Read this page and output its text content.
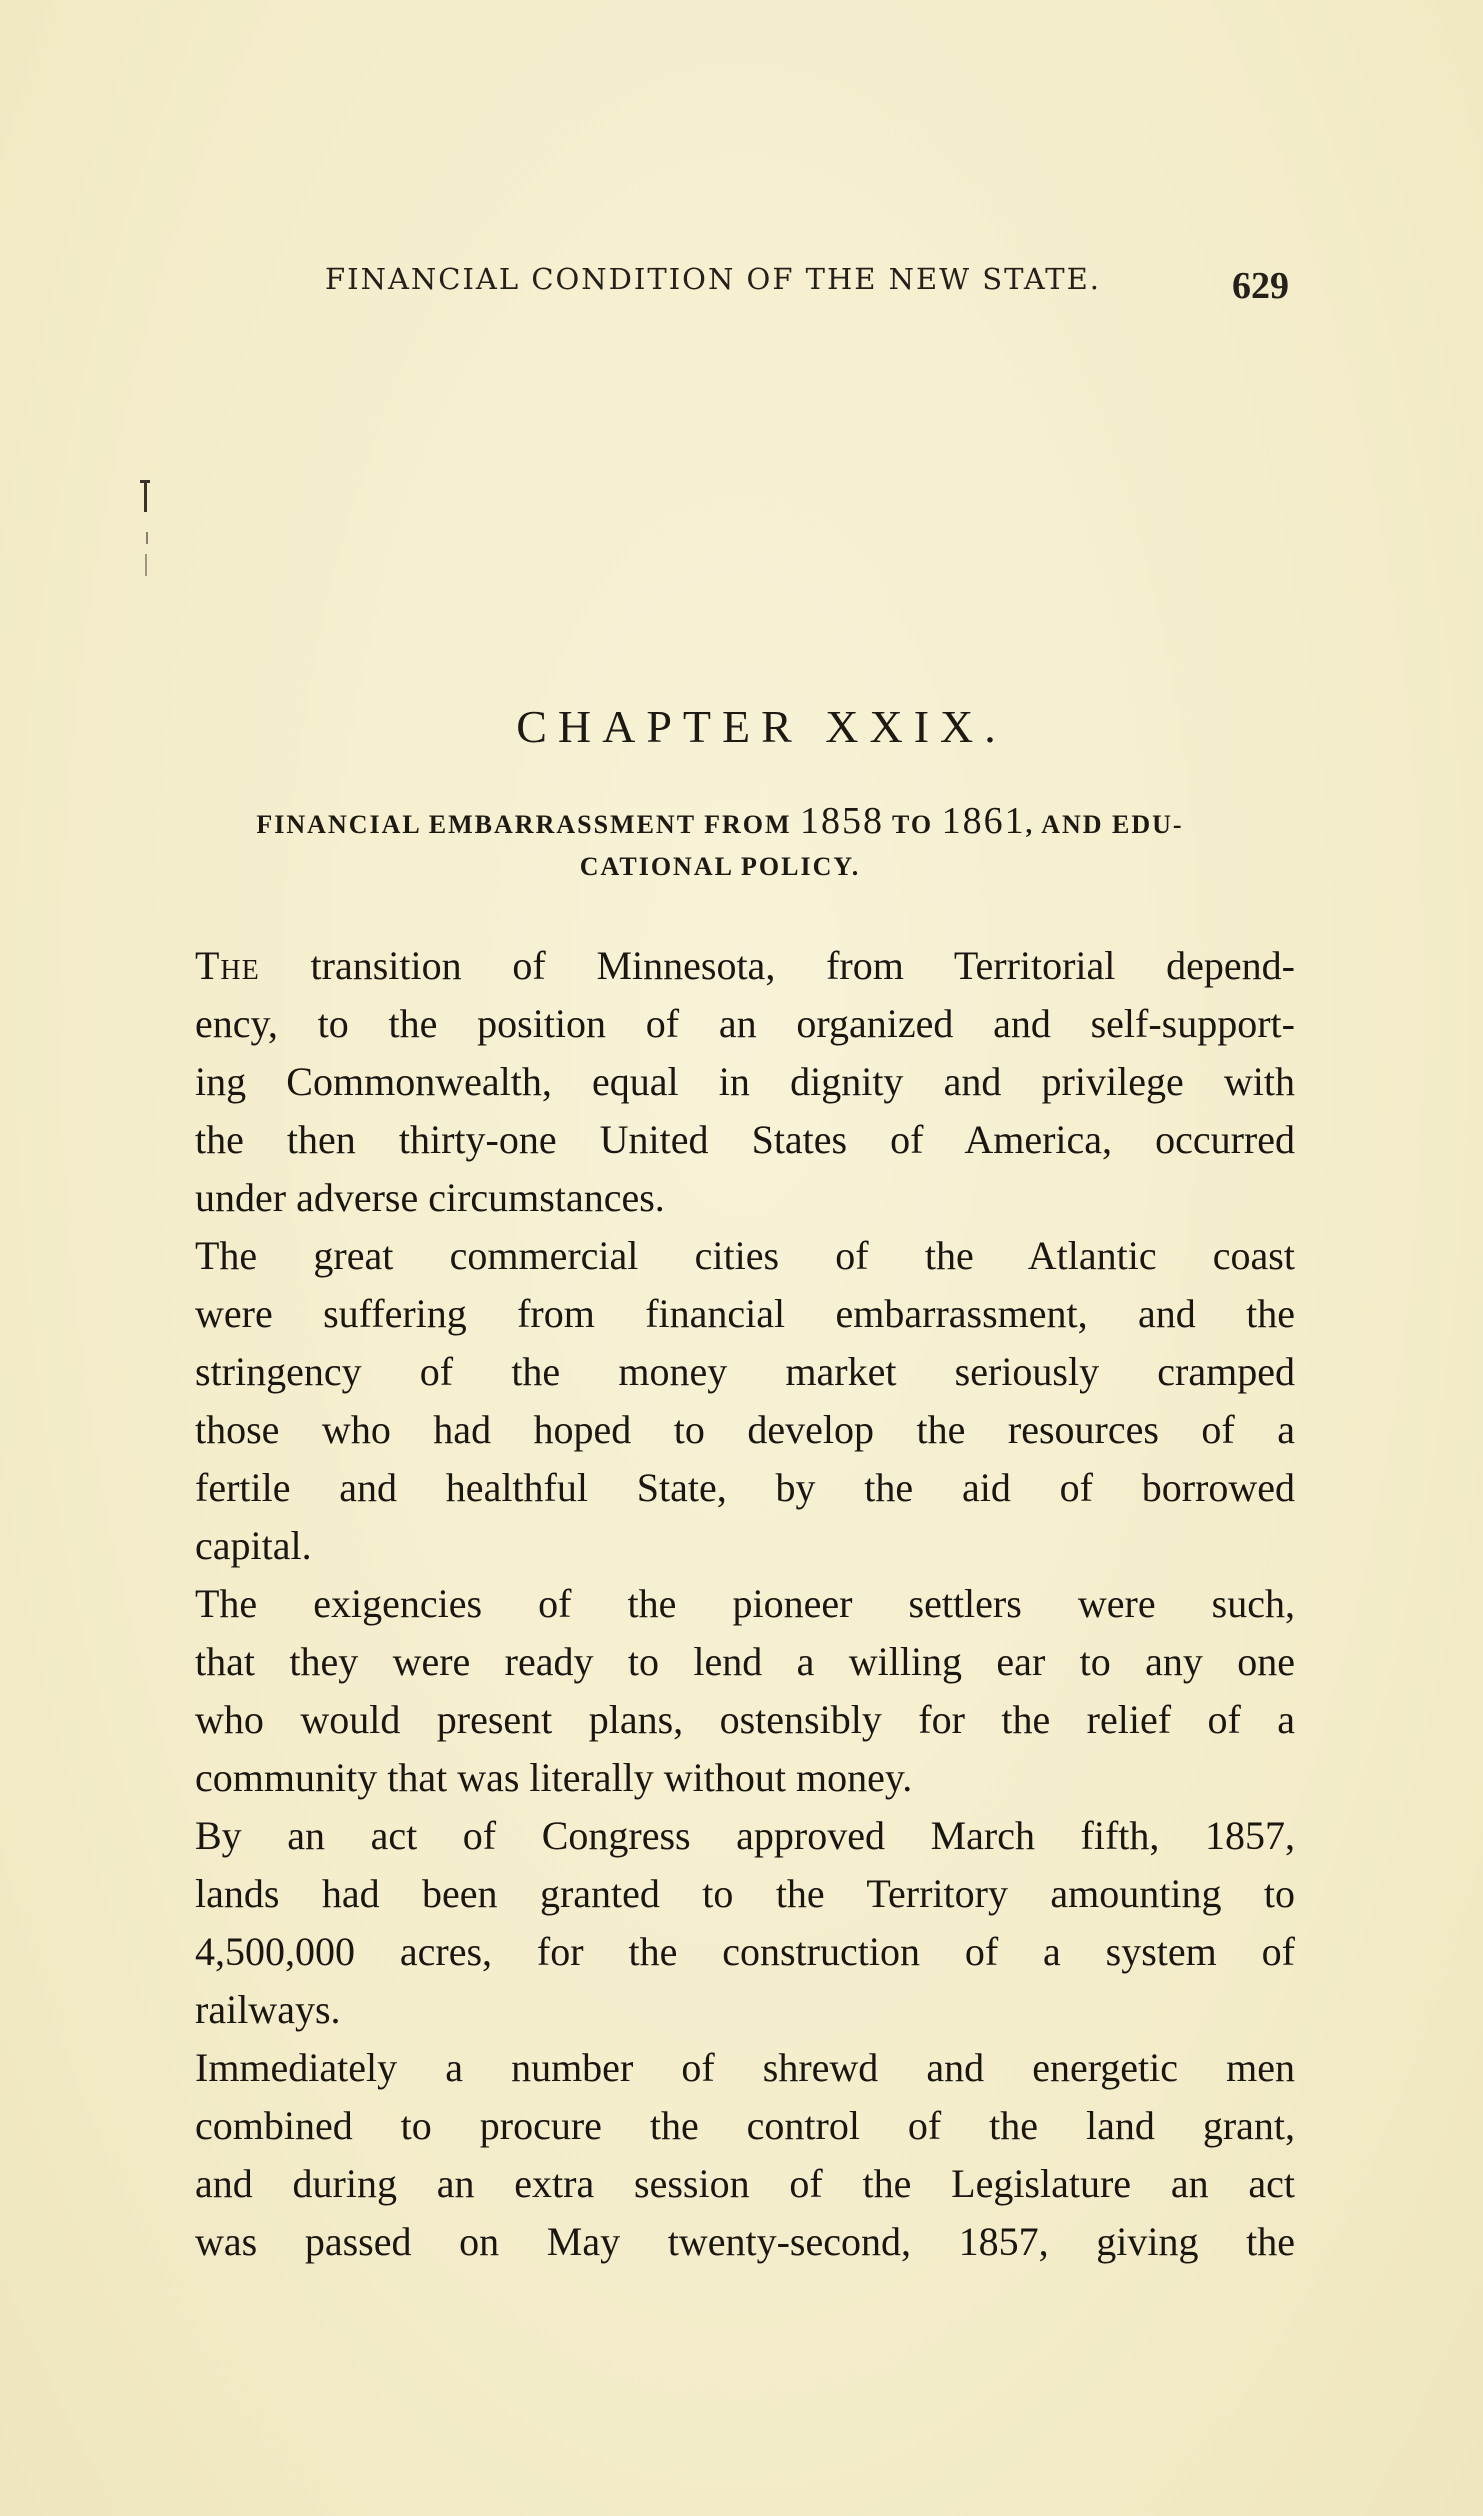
FINANCIAL CONDITION OF THE NEW STATE.	629
CHAPTER XXIX.
FINANCIAL EMBARRASSMENT FROM 1858 TO 1861, AND EDU-
CATIONAL POLICY.
The transition of Minnesota, from Territorial depend-
ency, to the position of an organized and self-support-
ing Commonwealth, equal in dignity and privilege with
the then thirty-one United States of America, occurred
under adverse circumstances.
The great commercial cities of the Atlantic coast
were suffering from financial embarrassment, and the
stringency of the money market seriously cramped
those who had hoped to develop the resources of a
fertile and healthful State, by the aid of borrowed
capital.
The exigencies of the pioneer settlers were such,
that they were ready to lend a willing ear to any one
who would present plans, ostensibly for the relief of a
community that was literally without money.
By an act of Congress approved March fifth, 1857,
lands had been granted to the Territory amounting to
4,500,000 acres, for the construction of a system of
railways.
Immediately a number of shrewd and energetic men
combined to procure the control of the land grant,
and during an extra session of the Legislature an act
was passed on May twenty-second, 1857, giving the
